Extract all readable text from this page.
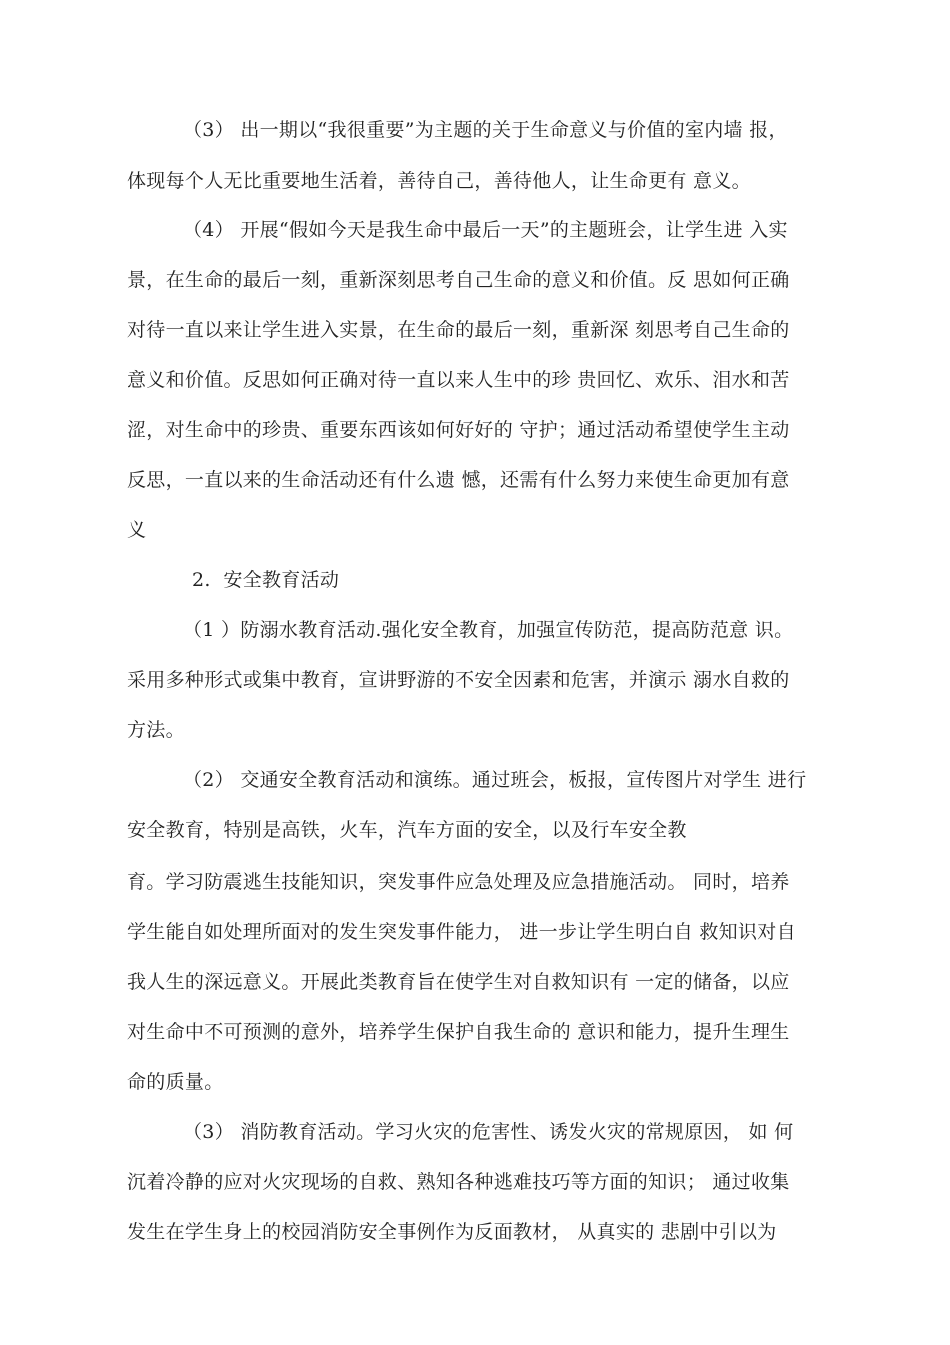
（3） 出一期以“我很重要”为主题的关于生命意义与价值的室内墙 报，
体现每个人无比重要地生活着，善待自己，善待他人，让生命更有 意义。
（4） 开展“假如今天是我生命中最后一天”的主题班会，让学生进 入实
景，在生命的最后一刻，重新深刻思考自己生命的意义和价值。反 思如何正确
对待一直以来让学生进入实景，在生命的最后一刻，重新深 刻思考自己生命的
意义和价值。反思如何正确对待一直以来人生中的珍 贵回忆、欢乐、泪水和苦
涩，对生命中的珍贵、重要东西该如何好好的 守护；通过活动希望使学生主动
反思，一直以来的生命活动还有什么遗 憾，还需有什么努力来使生命更加有意
义
2.  安全教育活动
（1 ）防溺水教育活动.强化安全教育，加强宣传防范，提高防范意 识。
采用多种形式或集中教育，宣讲野游的不安全因素和危害，并演示 溺水自救的
方法。
（2） 交通安全教育活动和演练。通过班会，板报，宣传图片对学生 进行
安全教育，特别是高铁，火车，汽车方面的安全，以及行车安全教
育。学习防震逃生技能知识，突发事件应急处理及应急措施活动。 同时，培养
学生能自如处理所面对的发生突发事件能力， 进一步让学生明白自 救知识对自
我人生的深远意义。开展此类教育旨在使学生对自救知识有 一定的储备，以应
对生命中不可预测的意外，培养学生保护自我生命的 意识和能力，提升生理生
命的质量。
（3） 消防教育活动。学习火灾的危害性、诱发火灾的常规原因， 如 何
沉着冷静的应对火灾现场的自救、熟知各种逃难技巧等方面的知识； 通过收集
发生在学生身上的校园消防安全事例作为反面教材， 从真实的 悲剧中引以为
